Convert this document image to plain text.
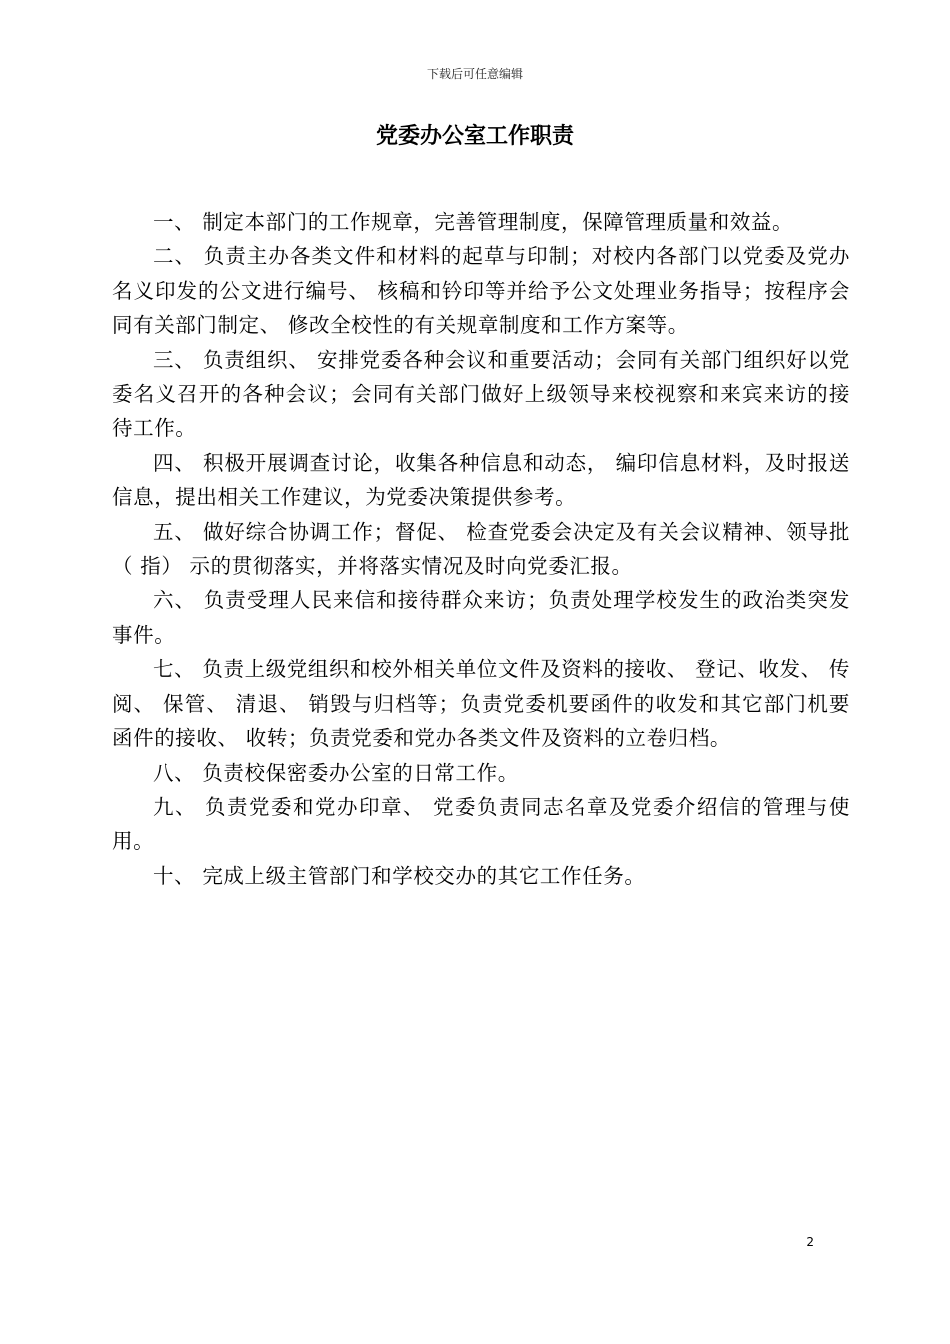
下载后可任意编辑
党委办公室工作职责

一、 制定本部门的工作规章，完善管理制度，保障管理质量和效益。

二、 负责主办各类文件和材料的起草与印制；对校内各部门以党委及党办名义印发的公文进行编号、 核稿和钤印等并给予公文处理业务指导；按程序会同有关部门制定、 修改全校性的有关规章制度和工作方案等。

三、 负责组织、 安排党委各种会议和重要活动；会同有关部门组织好以党委名义召开的各种会议；会同有关部门做好上级领导来校视察和来宾来访的接待工作。

四、 积极开展调查讨论，收集各种信息和动态， 编印信息材料，及时报送信息，提出相关工作建议，为党委决策提供参考。

五、 做好综合协调工作；督促、 检查党委会决定及有关会议精神、领导批（ 指） 示的贯彻落实，并将落实情况及时向党委汇报。

六、 负责受理人民来信和接待群众来访；负责处理学校发生的政治类突发事件。

七、 负责上级党组织和校外相关单位文件及资料的接收、 登记、收发、 传阅、 保管、 清退、 销毁与归档等；负责党委机要函件的收发和其它部门机要函件的接收、 收转；负责党委和党办各类文件及资料的立卷归档。

八、 负责校保密委办公室的日常工作。

九、 负责党委和党办印章、 党委负责同志名章及党委介绍信的管理与使用。

十、 完成上级主管部门和学校交办的其它工作任务。

2
